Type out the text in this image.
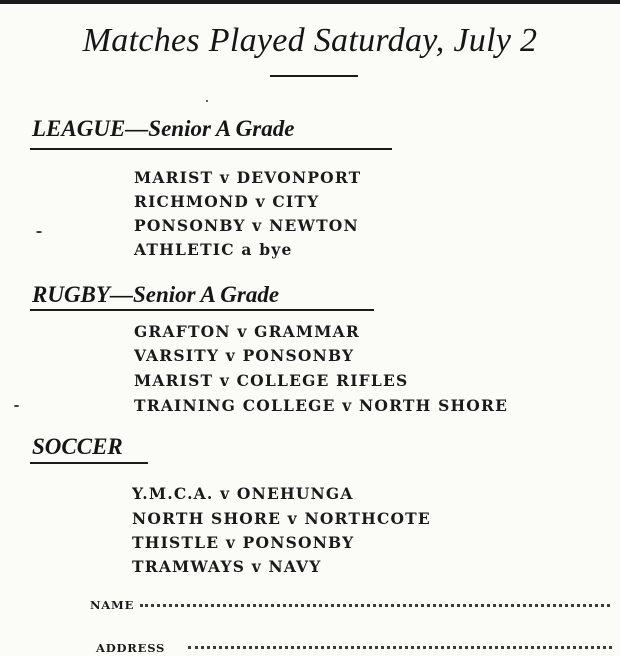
Matches Played Saturday, July 2
LEAGUE—Senior A Grade
MARIST v DEVONPORT
RICHMOND v CITY
PONSONBY v NEWTON
ATHLETIC a bye
RUGBY—Senior A Grade
GRAFTON v GRAMMAR
VARSITY v PONSONBY
MARIST v COLLEGE RIFLES
TRAINING COLLEGE v NORTH SHORE
SOCCER
Y.M.C.A. v ONEHUNGA
NORTH SHORE v NORTHCOTE
THISTLE v PONSONBY
TRAMWAYS v NAVY
NAME
ADDRESS
